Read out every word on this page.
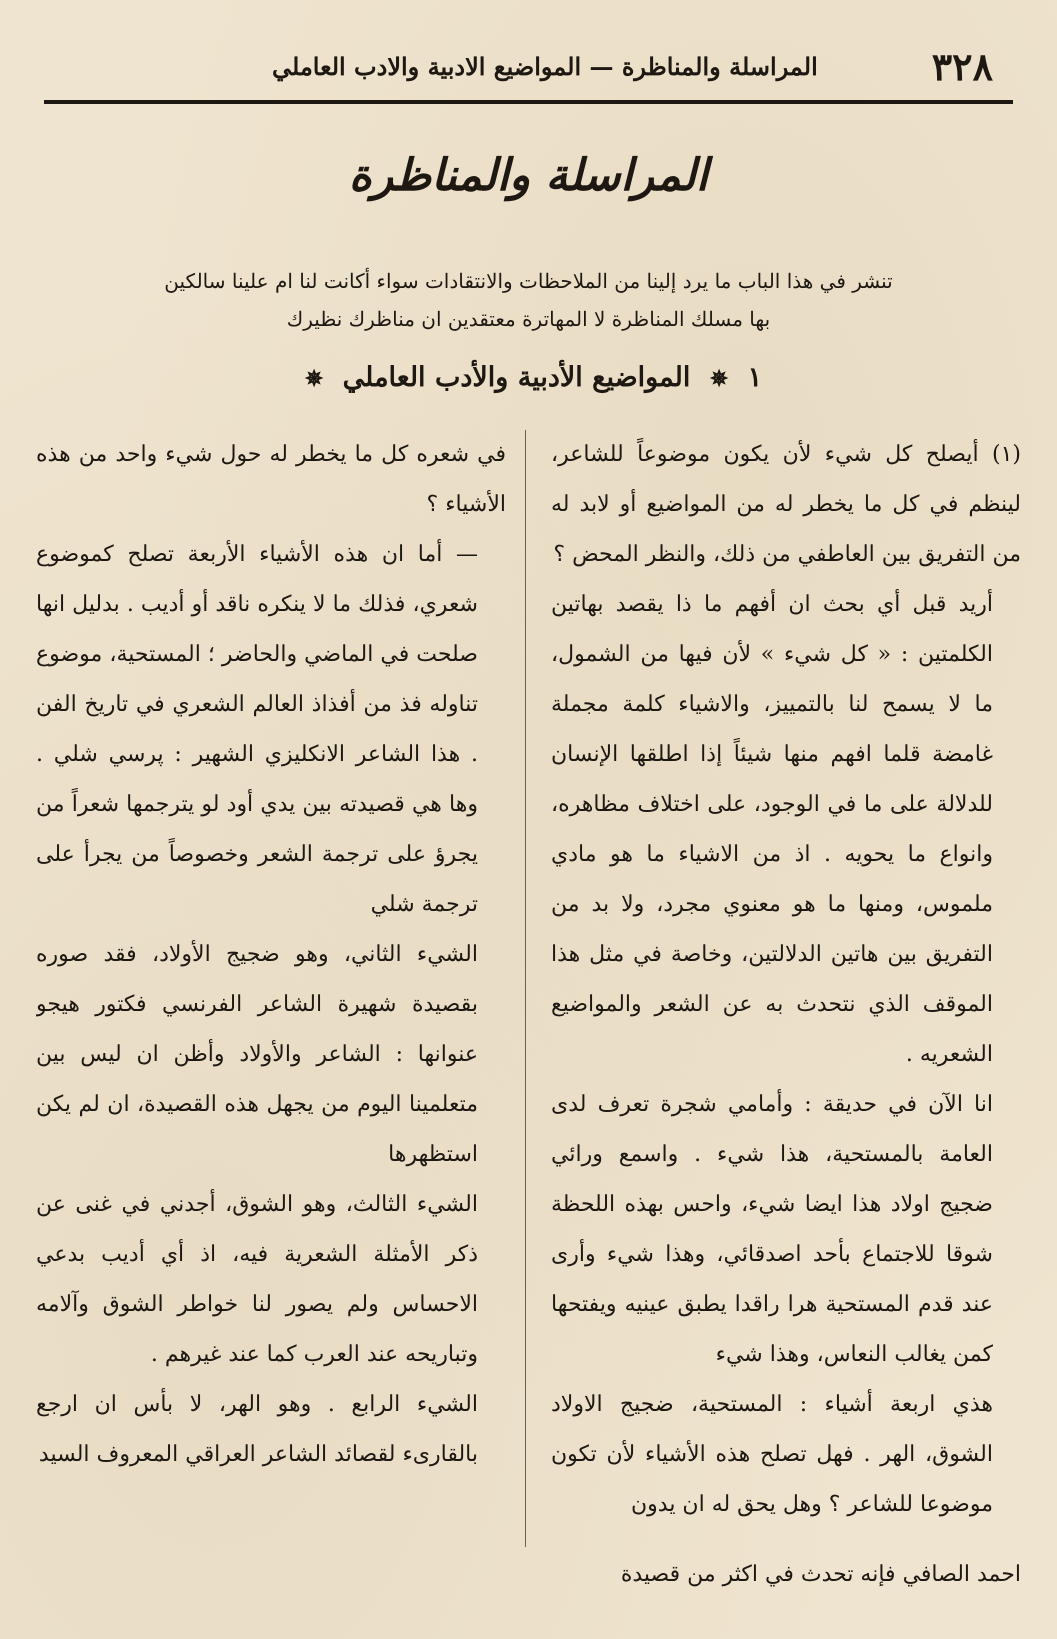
٣٢٨
المراسلة والمناظرة — المواضيع الادبية والادب العاملي
المراسلة والمناظرة
تنشر في هذا الباب ما يرد إلينا من الملاحظات والانتقادات سواء أكانت لنا ام علينا سالكين
بها مسلك المناظرة لا المهاترة معتقدين ان مناظرك نظيرك
١ ✵ المواضيع الأدبية والأدب العاملي ✵

(١) أيصلح كل شيء لأن يكون موضوعاً للشاعر، لينظم في كل ما يخطر له من المواضيع أو لابد له من التفريق بين العاطفي من ذلك، والنظر المحض ؟

أريد قبل أي بحث ان أفهم ما ذا يقصد بهاتين الكلمتين : « كل شيء » لأن فيها من الشمول، ما لا يسمح لنا بالتمييز، والاشياء كلمة مجملة غامضة قلما افهم منها شيئاً إذا اطلقها الإنسان للدلالة على ما في الوجود، على اختلاف مظاهره، وانواع ما يحويه . اذ من الاشياء ما هو مادي ملموس، ومنها ما هو معنوي مجرد، ولا بد من التفريق بين هاتين الدلالتين، وخاصة في مثل هذا الموقف الذي نتحدث به عن الشعر والمواضيع الشعريه .

انا الآن في حديقة : وأمامي شجرة تعرف لدى العامة بالمستحية، هذا شيء . واسمع ورائي ضجيج اولاد هذا ايضا شيء، واحس بهذه اللحظة شوقا للاجتماع بأحد اصدقائي، وهذا شيء وأرى عند قدم المستحية هرا راقدا يطبق عينيه ويفتحها كمن يغالب النعاس، وهذا شيء

هذي اربعة أشياء : المستحية، ضجيج الاولاد الشوق، الهر . فهل تصلح هذه الأشياء لأن تكون موضوعا للشاعر ؟ وهل يحق له ان يدون

في شعره كل ما يخطر له حول شيء واحد من هذه الأشياء ؟

— أما ان هذه الأشياء الأربعة تصلح كموضوع شعري، فذلك ما لا ينكره ناقد أو أديب . بدليل انها صلحت في الماضي والحاضر ؛ المستحية، موضوع تناوله فذ من أفذاذ العالم الشعري في تاريخ الفن . هذا الشاعر الانكليزي الشهير : پرسي شلي . وها هي قصيدته بين يدي أود لو يترجمها شعراً من يجرؤ على ترجمة الشعر وخصوصاً من يجرأ على ترجمة شلي

الشيء الثاني، وهو ضجيج الأولاد، فقد صوره بقصيدة شهيرة الشاعر الفرنسي فكتور هيجو عنوانها : الشاعر والأولاد وأظن ان ليس بين متعلمينا اليوم من يجهل هذه القصيدة، ان لم يكن استظهرها

الشيء الثالث، وهو الشوق، أجدني في غنى عن ذكر الأمثلة الشعرية فيه، اذ أي أديب بدعي الاحساس ولم يصور لنا خواطر الشوق وآلامه وتباريحه عند العرب كما عند غيرهم .

الشيء الرابع . وهو الهر، لا بأس ان ارجع بالقارىء لقصائد الشاعر العراقي المعروف السيد

احمد الصافي فإنه تحدث في اكثر من قصيدة
